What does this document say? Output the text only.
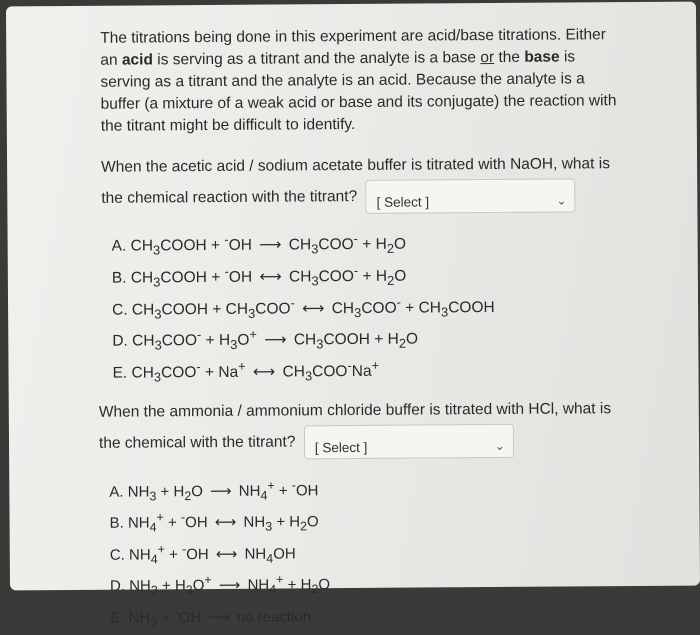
The titrations being done in this experiment are acid/base titrations. Either an acid is serving as a titrant and the analyte is a base or the base is serving as a titrant and the analyte is an acid. Because the analyte is a buffer (a mixture of a weak acid or base and its conjugate) the reaction with the titrant might be difficult to identify.

When the acetic acid / sodium acetate buffer is titrated with NaOH, what is the chemical reaction with the titrant? [ Select ]	⌄

A. $CH_3COOH + ^-OH$ ⟶ $CH_3COO^- + H_2O$
B. $CH_3COOH + ^-OH$ ⟷ $CH_3COO^- + H_2O$
C. $CH_3COOH + CH_3COO^-$ ⟷ $CH_3COO^-$ + $CH_3COOH$
D. $CH_3COO^- + H_3O^+$ ⟶ $CH_3COOH + H_2O$
E. $CH_3COO^- + Na^+$ ⟷ $CH_3COO^-Na^+$

When the ammonia / ammonium chloride buffer is titrated with HCl, what is the chemical with the titrant? [ Select ]	⌄

A. $NH_3 + H_2O$ ⟶ $NH_4^+ + ^-OH$
B. $NH_4^+ + ^-OH$ ⟷ $NH_3 + H_2O$
C. $NH_4^+ + ^-OH$ ⟷ $NH_4OH$
D. $NH_3 + H_3O^+$ ⟶ $NH_4^+ + H_2O$
E. $NH_3 + ^-OH$ ⟶ no reaction
